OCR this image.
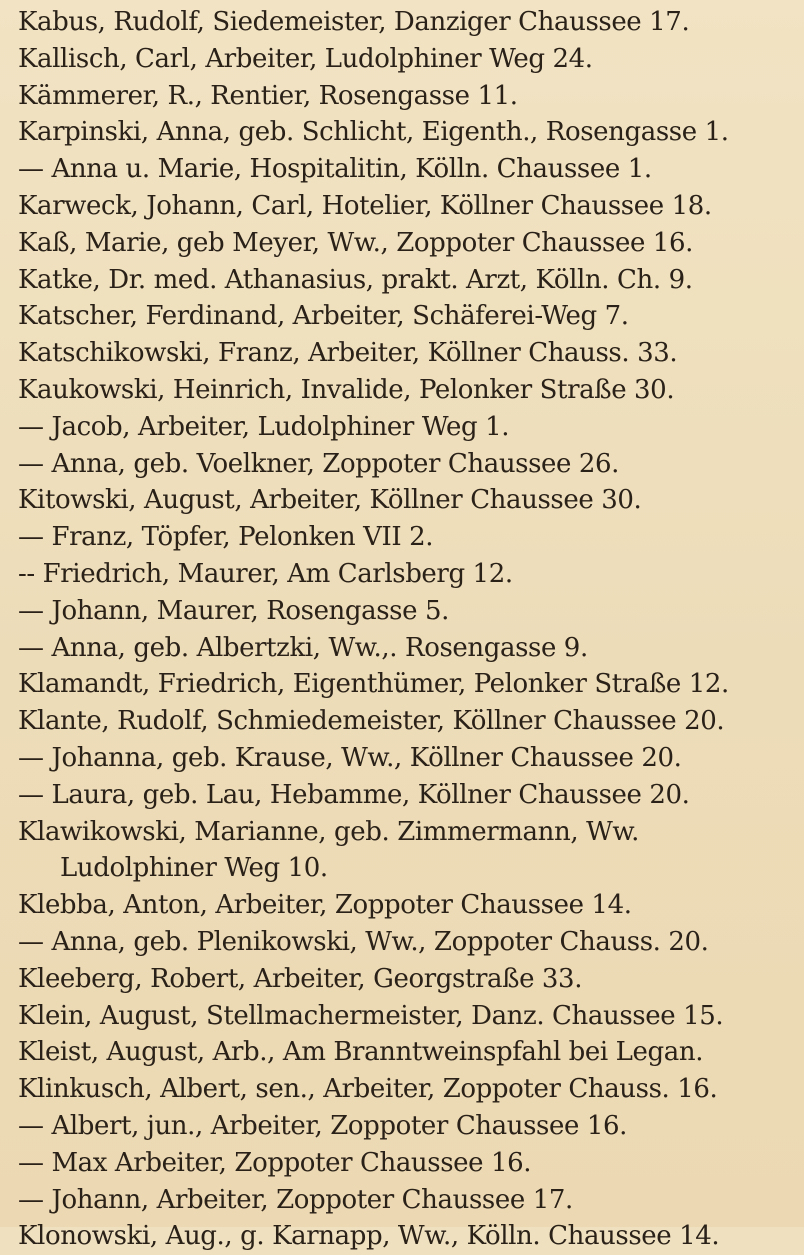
Kabus, Rudolf, Siedemeister, Danziger Chaussee 17.
Kallisch, Carl, Arbeiter, Ludolphiner Weg 24.
Kämmerer, R., Rentier, Rosengasse 11.
Karpinski, Anna, geb. Schlicht, Eigenth., Rosengasse 1.
— Anna u. Marie, Hospitalitin, Kölln. Chaussee 1.
Karweck, Johann, Carl, Hotelier, Köllner Chaussee 18.
Kaß, Marie, geb Meyer, Ww., Zoppoter Chaussee 16.
Katke, Dr. med. Athanasius, prakt. Arzt, Kölln. Ch. 9.
Katscher, Ferdinand, Arbeiter, Schäferei-Weg 7.
Katschikowski, Franz, Arbeiter, Köllner Chauss. 33.
Kaukowski, Heinrich, Invalide, Pelonker Straße 30.
— Jacob, Arbeiter, Ludolphiner Weg 1.
— Anna, geb. Voelkner, Zoppoter Chaussee 26.
Kitowski, August, Arbeiter, Köllner Chaussee 30.
— Franz, Töpfer, Pelonken VII 2.
-- Friedrich, Maurer, Am Carlsberg 12.
— Johann, Maurer, Rosengasse 5.
— Anna, geb. Albertzki, Ww.,. Rosengasse 9.
Klamandt, Friedrich, Eigenthümer, Pelonker Straße 12.
Klante, Rudolf, Schmiedemeister, Köllner Chaussee 20.
— Johanna, geb. Krause, Ww., Köllner Chaussee 20.
— Laura, geb. Lau, Hebamme, Köllner Chaussee 20.
Klawikowski, Marianne, geb. Zimmermann, Ww.
Ludolphiner Weg 10.
Klebba, Anton, Arbeiter, Zoppoter Chaussee 14.
— Anna, geb. Plenikowski, Ww., Zoppoter Chauss. 20.
Kleeberg, Robert, Arbeiter, Georgstraße 33.
Klein, August, Stellmachermeister, Danz. Chaussee 15.
Kleist, August, Arb., Am Branntweinspfahl bei Legan.
Klinkusch, Albert, sen., Arbeiter, Zoppoter Chauss. 16.
— Albert, jun., Arbeiter, Zoppoter Chaussee 16.
— Max Arbeiter, Zoppoter Chaussee 16.
— Johann, Arbeiter, Zoppoter Chaussee 17.
Klonowski, Aug., g. Karnapp, Ww., Kölln. Chaussee 14.
